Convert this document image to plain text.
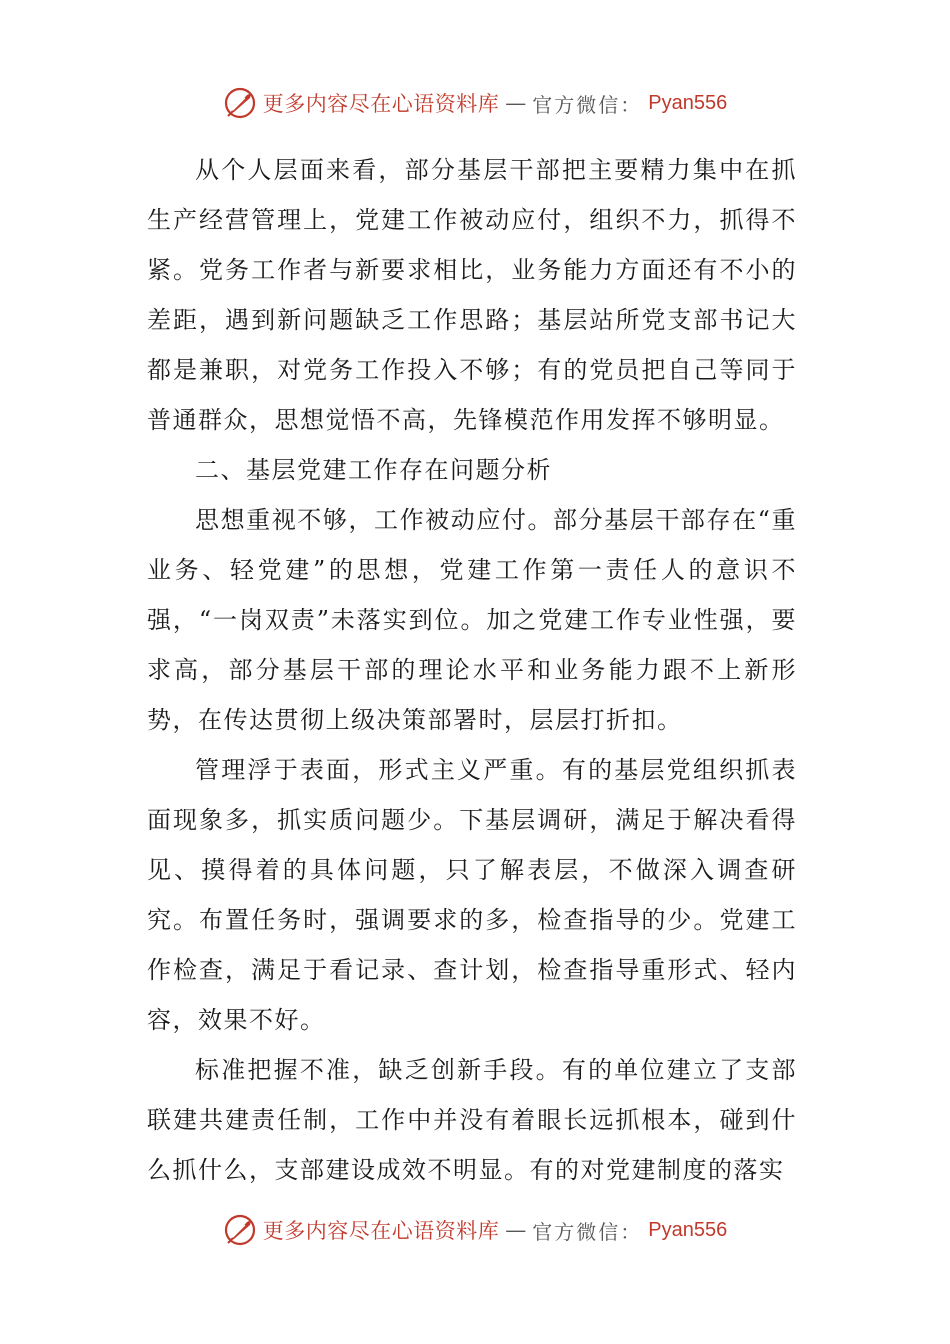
更多内容尽在心语资料库 — 官方微信： Pyan556

从个人层面来看，部分基层干部把主要精力集中在抓生产经营管理上，党建工作被动应付，组织不力，抓得不紧。党务工作者与新要求相比，业务能力方面还有不小的差距，遇到新问题缺乏工作思路；基层站所党支部书记大都是兼职，对党务工作投入不够；有的党员把自己等同于普通群众，思想觉悟不高，先锋模范作用发挥不够明显。

二、基层党建工作存在问题分析

思想重视不够，工作被动应付。部分基层干部存在“重业务、轻党建”的思想，党建工作第一责任人的意识不强，“一岗双责”未落实到位。加之党建工作专业性强，要求高，部分基层干部的理论水平和业务能力跟不上新形势，在传达贯彻上级决策部署时，层层打折扣。

管理浮于表面，形式主义严重。有的基层党组织抓表面现象多，抓实质问题少。下基层调研，满足于解决看得见、摸得着的具体问题，只了解表层，不做深入调查研究。布置任务时，强调要求的多，检查指导的少。党建工作检查，满足于看记录、查计划，检查指导重形式、轻内容，效果不好。

标准把握不准，缺乏创新手段。有的单位建立了支部联建共建责任制，工作中并没有着眼长远抓根本，碰到什么抓什么，支部建设成效不明显。有的对党建制度的落实

更多内容尽在心语资料库 — 官方微信： Pyan556
